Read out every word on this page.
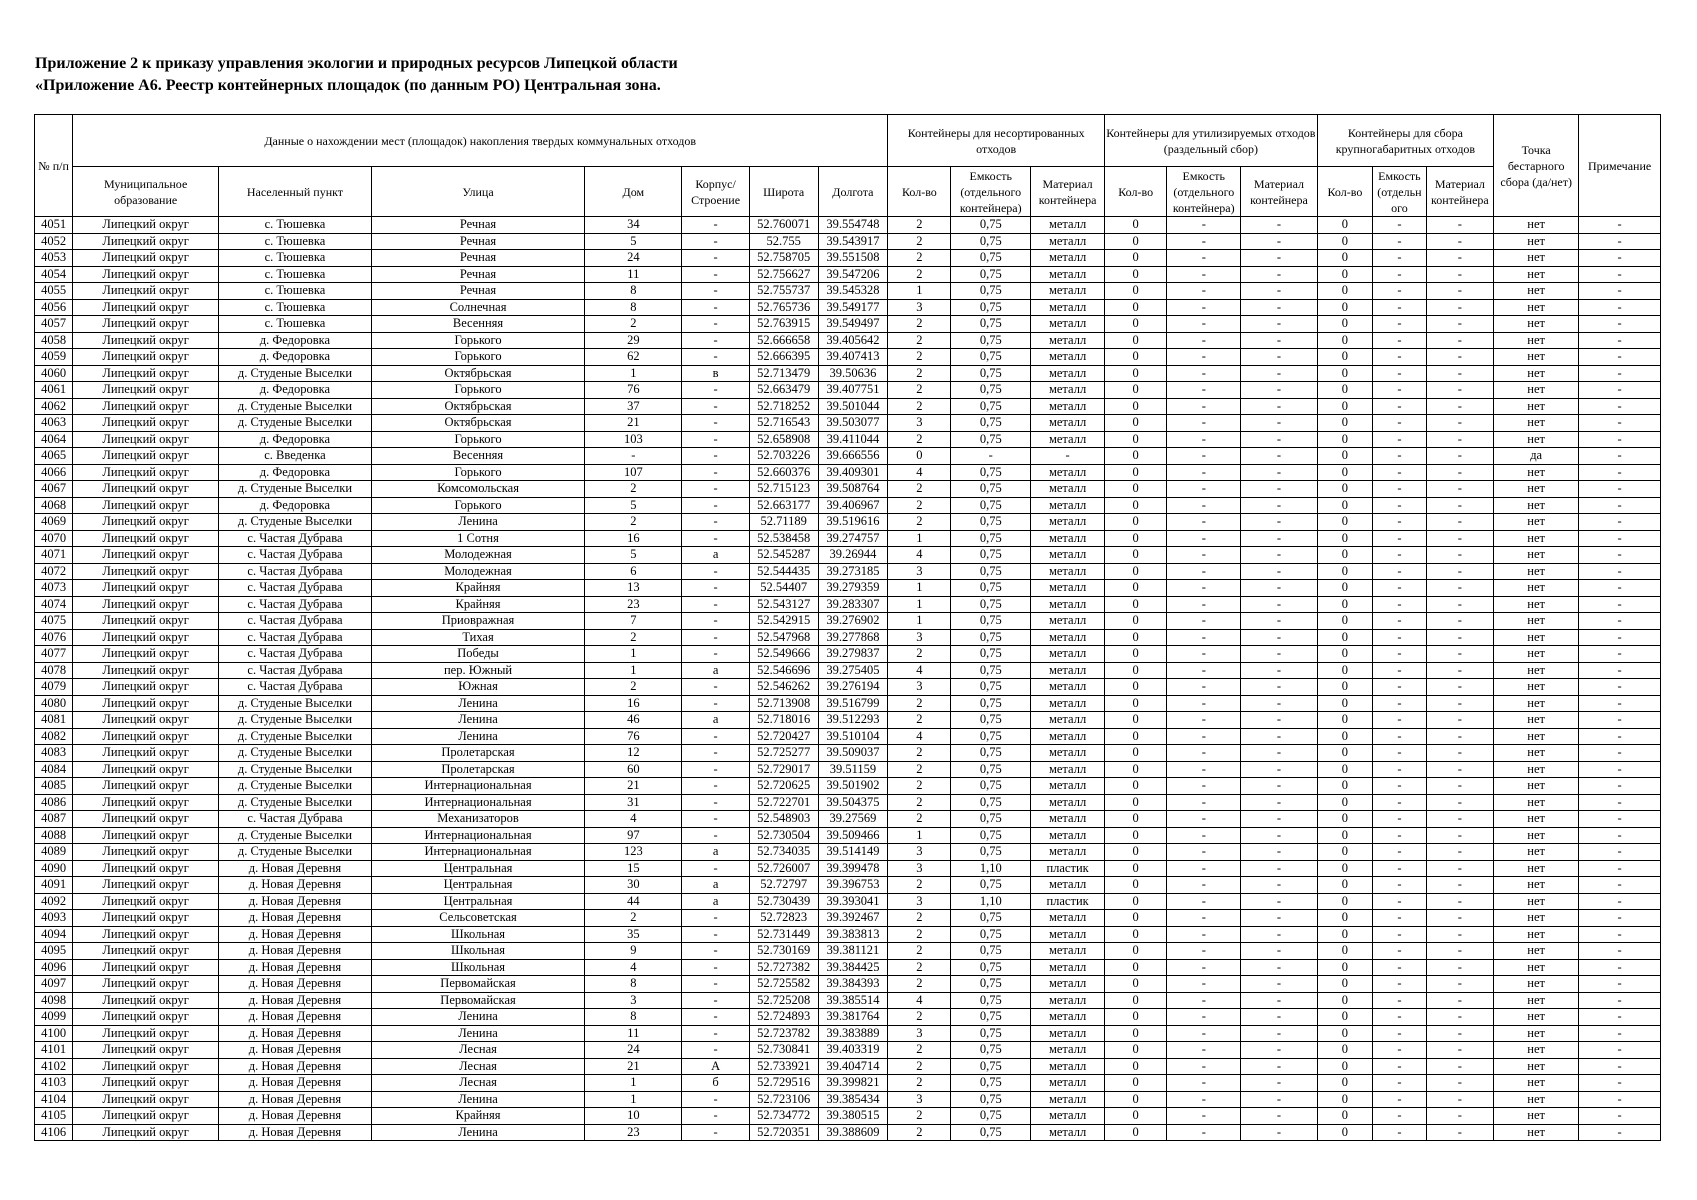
Приложение 2 к приказу управления экологии и природных ресурсов Липецкой области
«Приложение А6. Реестр контейнерных площадок (по данным РО) Центральная зона.
№ п/п	Данные о нахождении мест (площадок) накопления твердых коммунальных отходов							Контейнеры для несортированных отходов			Контейнеры для утилизируемых отходов (раздельный сбор)			Контейнеры для сбора крупногабаритных отходов			Точка бестарного сбора (да/нет)	Примечание
	Муниципальное образование	Населенный пункт	Улица	Дом	Корпус/ Строение	Широта	Долгота	Кол-во	Емкость (отдельного контейнера)	Материал контейнера	Кол-во	Емкость (отдельного контейнера)	Материал контейнера	Кол-во	Емкость (отдельн ого	Материал контейнера		
4051	Липецкий округ	с. Тюшевка	Речная	34	-	52.760071	39.554748	2	0,75	металл	0	-	-	0	-	-	нет	-
4052	Липецкий округ	с. Тюшевка	Речная	5	-	52.755	39.543917	2	0,75	металл	0	-	-	0	-	-	нет	-
4053	Липецкий округ	с. Тюшевка	Речная	24	-	52.758705	39.551508	2	0,75	металл	0	-	-	0	-	-	нет	-
4054	Липецкий округ	с. Тюшевка	Речная	11	-	52.756627	39.547206	2	0,75	металл	0	-	-	0	-	-	нет	-
4055	Липецкий округ	с. Тюшевка	Речная	8	-	52.755737	39.545328	1	0,75	металл	0	-	-	0	-	-	нет	-
4056	Липецкий округ	с. Тюшевка	Солнечная	8	-	52.765736	39.549177	3	0,75	металл	0	-	-	0	-	-	нет	-
4057	Липецкий округ	с. Тюшевка	Весенняя	2	-	52.763915	39.549497	2	0,75	металл	0	-	-	0	-	-	нет	-
4058	Липецкий округ	д. Федоровка	Горького	29	-	52.666658	39.405642	2	0,75	металл	0	-	-	0	-	-	нет	-
4059	Липецкий округ	д. Федоровка	Горького	62	-	52.666395	39.407413	2	0,75	металл	0	-	-	0	-	-	нет	-
4060	Липецкий округ	д. Студеные Выселки	Октябрьская	1	в	52.713479	39.50636	2	0,75	металл	0	-	-	0	-	-	нет	-
4061	Липецкий округ	д. Федоровка	Горького	76	-	52.663479	39.407751	2	0,75	металл	0	-	-	0	-	-	нет	-
4062	Липецкий округ	д. Студеные Выселки	Октябрьская	37	-	52.718252	39.501044	2	0,75	металл	0	-	-	0	-	-	нет	-
4063	Липецкий округ	д. Студеные Выселки	Октябрьская	21	-	52.716543	39.503077	3	0,75	металл	0	-	-	0	-	-	нет	-
4064	Липецкий округ	д. Федоровка	Горького	103	-	52.658908	39.411044	2	0,75	металл	0	-	-	0	-	-	нет	-
4065	Липецкий округ	с. Введенка	Весенняя	-	-	52.703226	39.666556	0	-	-	0	-	-	0	-	-	да	-
4066	Липецкий округ	д. Федоровка	Горького	107	-	52.660376	39.409301	4	0,75	металл	0	-	-	0	-	-	нет	-
4067	Липецкий округ	д. Студеные Выселки	Комсомольская	2	-	52.715123	39.508764	2	0,75	металл	0	-	-	0	-	-	нет	-
4068	Липецкий округ	д. Федоровка	Горького	5	-	52.663177	39.406967	2	0,75	металл	0	-	-	0	-	-	нет	-
4069	Липецкий округ	д. Студеные Выселки	Ленина	2	-	52.71189	39.519616	2	0,75	металл	0	-	-	0	-	-	нет	-
4070	Липецкий округ	с. Частая Дубрава	1 Сотня	16	-	52.538458	39.274757	1	0,75	металл	0	-	-	0	-	-	нет	-
4071	Липецкий округ	с. Частая Дубрава	Молодежная	5	а	52.545287	39.26944	4	0,75	металл	0	-	-	0	-	-	нет	-
4072	Липецкий округ	с. Частая Дубрава	Молодежная	6	-	52.544435	39.273185	3	0,75	металл	0	-	-	0	-	-	нет	-
4073	Липецкий округ	с. Частая Дубрава	Крайняя	13	-	52.54407	39.279359	1	0,75	металл	0	-	-	0	-	-	нет	-
4074	Липецкий округ	с. Частая Дубрава	Крайняя	23	-	52.543127	39.283307	1	0,75	металл	0	-	-	0	-	-	нет	-
4075	Липецкий округ	с. Частая Дубрава	Приовражная	7	-	52.542915	39.276902	1	0,75	металл	0	-	-	0	-	-	нет	-
4076	Липецкий округ	с. Частая Дубрава	Тихая	2	-	52.547968	39.277868	3	0,75	металл	0	-	-	0	-	-	нет	-
4077	Липецкий округ	с. Частая Дубрава	Победы	1	-	52.549666	39.279837	2	0,75	металл	0	-	-	0	-	-	нет	-
4078	Липецкий округ	с. Частая Дубрава	пер. Южный	1	а	52.546696	39.275405	4	0,75	металл	0	-	-	0	-	-	нет	-
4079	Липецкий округ	с. Частая Дубрава	Южная	2	-	52.546262	39.276194	3	0,75	металл	0	-	-	0	-	-	нет	-
4080	Липецкий округ	д. Студеные Выселки	Ленина	16	-	52.713908	39.516799	2	0,75	металл	0	-	-	0	-	-	нет	-
4081	Липецкий округ	д. Студеные Выселки	Ленина	46	а	52.718016	39.512293	2	0,75	металл	0	-	-	0	-	-	нет	-
4082	Липецкий округ	д. Студеные Выселки	Ленина	76	-	52.720427	39.510104	4	0,75	металл	0	-	-	0	-	-	нет	-
4083	Липецкий округ	д. Студеные Выселки	Пролетарская	12	-	52.725277	39.509037	2	0,75	металл	0	-	-	0	-	-	нет	-
4084	Липецкий округ	д. Студеные Выселки	Пролетарская	60	-	52.729017	39.51159	2	0,75	металл	0	-	-	0	-	-	нет	-
4085	Липецкий округ	д. Студеные Выселки	Интернациональная	21	-	52.720625	39.501902	2	0,75	металл	0	-	-	0	-	-	нет	-
4086	Липецкий округ	д. Студеные Выселки	Интернациональная	31	-	52.722701	39.504375	2	0,75	металл	0	-	-	0	-	-	нет	-
4087	Липецкий округ	с. Частая Дубрава	Механизаторов	4	-	52.548903	39.27569	2	0,75	металл	0	-	-	0	-	-	нет	-
4088	Липецкий округ	д. Студеные Выселки	Интернациональная	97	-	52.730504	39.509466	1	0,75	металл	0	-	-	0	-	-	нет	-
4089	Липецкий округ	д. Студеные Выселки	Интернациональная	123	а	52.734035	39.514149	3	0,75	металл	0	-	-	0	-	-	нет	-
4090	Липецкий округ	д. Новая Деревня	Центральная	15	-	52.726007	39.399478	3	1,10	пластик	0	-	-	0	-	-	нет	-
4091	Липецкий округ	д. Новая Деревня	Центральная	30	а	52.72797	39.396753	2	0,75	металл	0	-	-	0	-	-	нет	-
4092	Липецкий округ	д. Новая Деревня	Центральная	44	а	52.730439	39.393041	3	1,10	пластик	0	-	-	0	-	-	нет	-
4093	Липецкий округ	д. Новая Деревня	Сельсоветская	2	-	52.72823	39.392467	2	0,75	металл	0	-	-	0	-	-	нет	-
4094	Липецкий округ	д. Новая Деревня	Школьная	35	-	52.731449	39.383813	2	0,75	металл	0	-	-	0	-	-	нет	-
4095	Липецкий округ	д. Новая Деревня	Школьная	9	-	52.730169	39.381121	2	0,75	металл	0	-	-	0	-	-	нет	-
4096	Липецкий округ	д. Новая Деревня	Школьная	4	-	52.727382	39.384425	2	0,75	металл	0	-	-	0	-	-	нет	-
4097	Липецкий округ	д. Новая Деревня	Первомайская	8	-	52.725582	39.384393	2	0,75	металл	0	-	-	0	-	-	нет	-
4098	Липецкий округ	д. Новая Деревня	Первомайская	3	-	52.725208	39.385514	4	0,75	металл	0	-	-	0	-	-	нет	-
4099	Липецкий округ	д. Новая Деревня	Ленина	8	-	52.724893	39.381764	2	0,75	металл	0	-	-	0	-	-	нет	-
4100	Липецкий округ	д. Новая Деревня	Ленина	11	-	52.723782	39.383889	3	0,75	металл	0	-	-	0	-	-	нет	-
4101	Липецкий округ	д. Новая Деревня	Лесная	24	-	52.730841	39.403319	2	0,75	металл	0	-	-	0	-	-	нет	-
4102	Липецкий округ	д. Новая Деревня	Лесная	21	А	52.733921	39.404714	2	0,75	металл	0	-	-	0	-	-	нет	-
4103	Липецкий округ	д. Новая Деревня	Лесная	1	б	52.729516	39.399821	2	0,75	металл	0	-	-	0	-	-	нет	-
4104	Липецкий округ	д. Новая Деревня	Ленина	1	-	52.723106	39.385434	3	0,75	металл	0	-	-	0	-	-	нет	-
4105	Липецкий округ	д. Новая Деревня	Крайняя	10	-	52.734772	39.380515	2	0,75	металл	0	-	-	0	-	-	нет	-
4106	Липецкий округ	д. Новая Деревня	Ленина	23	-	52.720351	39.388609	2	0,75	металл	0	-	-	0	-	-	нет	-
